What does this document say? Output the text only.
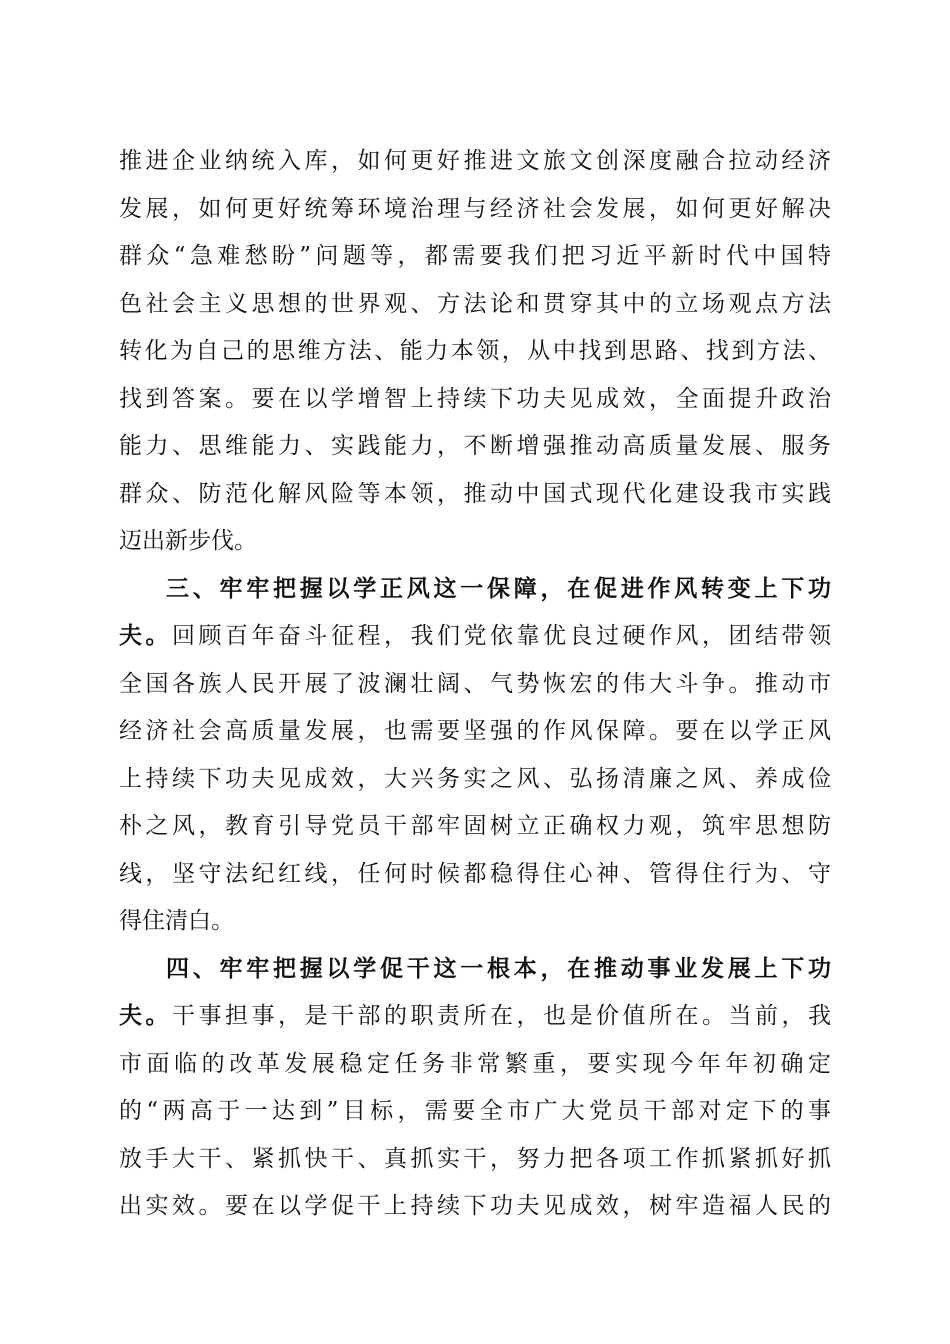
推进企业纳统入库，如何更好推进文旅文创深度融合拉动经济
发展，如何更好统筹环境治理与经济社会发展，如何更好解决
群众“急难愁盼”问题等，都需要我们把习近平新时代中国特
色社会主义思想的世界观、方法论和贯穿其中的立场观点方法
转化为自己的思维方法、能力本领，从中找到思路、找到方法、
找到答案。要在以学增智上持续下功夫见成效，全面提升政治
能力、思维能力、实践能力，不断增强推动高质量发展、服务
群众、防范化解风险等本领，推动中国式现代化建设我市实践
迈出新步伐。
三、牢牢把握以学正风这一保障，在促进作风转变上下功
夫。回顾百年奋斗征程，我们党依靠优良过硬作风，团结带领
全国各族人民开展了波澜壮阔、气势恢宏的伟大斗争。推动市
经济社会高质量发展，也需要坚强的作风保障。要在以学正风
上持续下功夫见成效，大兴务实之风、弘扬清廉之风、养成俭
朴之风，教育引导党员干部牢固树立正确权力观，筑牢思想防
线，坚守法纪红线，任何时候都稳得住心神、管得住行为、守
得住清白。
四、牢牢把握以学促干这一根本，在推动事业发展上下功
夫。干事担事，是干部的职责所在，也是价值所在。当前，我
市面临的改革发展稳定任务非常繁重，要实现今年年初确定
的“两高于一达到”目标，需要全市广大党员干部对定下的事
放手大干、紧抓快干、真抓实干，努力把各项工作抓紧抓好抓
出实效。要在以学促干上持续下功夫见成效，树牢造福人民的
